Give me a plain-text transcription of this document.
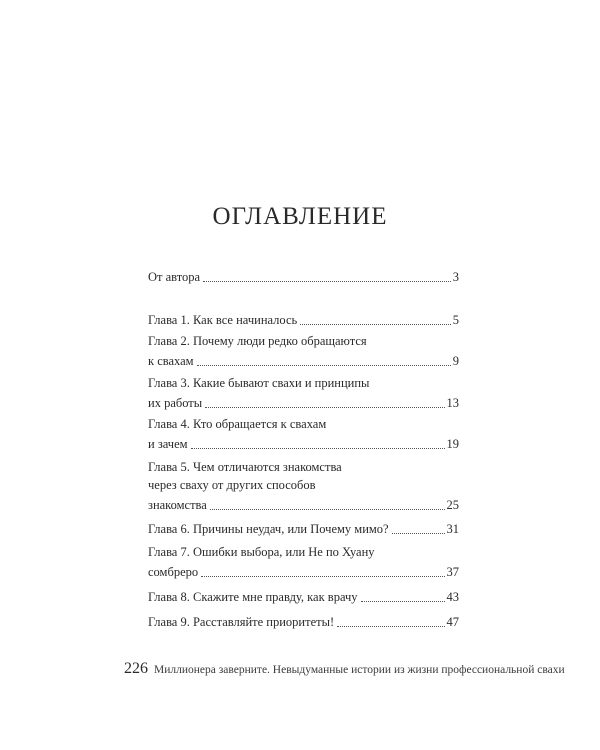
ОГЛАВЛЕНИЕ
От автора	3
Глава 1. Как все начиналось	5
Глава 2. Почему люди редко обращаются
к свахам	9
Глава 3. Какие бывают свахи и принципы
их работы	13
Глава 4. Кто обращается к свахам
и зачем	19
Глава 5. Чем отличаются знакомства
через сваху от других способов
знакомства	25
Глава 6. Причины неудач, или Почему мимо?	31
Глава 7. Ошибки выбора, или Не по Хуану
сомбреро	37
Глава 8. Скажите мне правду, как врачу	43
Глава 9. Расставляйте приоритеты!	47
226 Миллионера заверните. Невыдуманные истории из жизни профессиональной свахи
